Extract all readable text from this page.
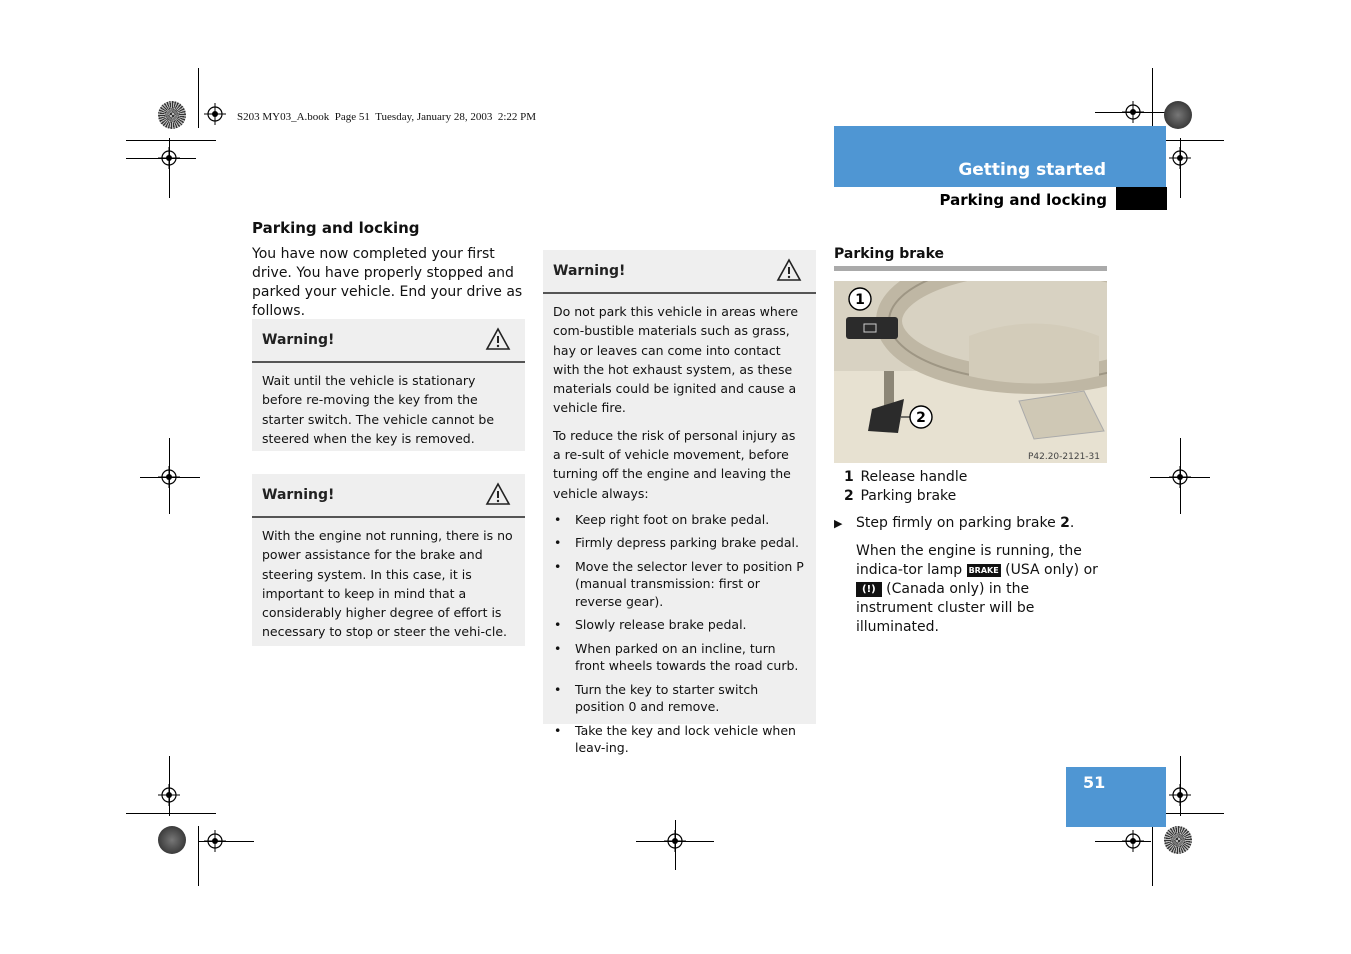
S203 MY03_A.book  Page 51  Tuesday, January 28, 2003  2:22 PM
Getting started
Parking and locking
Parking and locking
You have now completed your first drive. You have properly stopped and parked your vehicle. End your drive as follows.
Warning!
Wait until the vehicle is stationary before re-moving the key from the starter switch. The vehicle cannot be steered when the key is removed.
Warning!
With the engine not running, there is no power assistance for the brake and steering system. In this case, it is important to keep in mind that a considerably higher degree of effort is necessary to stop or steer the vehi-cle.
Warning!

Do not park this vehicle in areas where com-bustible materials such as grass, hay or leaves can come into contact with the hot exhaust system, as these materials could be ignited and cause a vehicle fire.

To reduce the risk of personal injury as a re-sult of vehicle movement, before turning off the engine and leaving the vehicle always:

• Keep right foot on brake pedal.
• Firmly depress parking brake pedal.
• Move the selector lever to position P (manual transmission: first or reverse gear).
• Slowly release brake pedal.
• When parked on an incline, turn front wheels towards the road curb.
• Turn the key to starter switch position 0 and remove.
• Take the key and lock vehicle when leav-ing.
Parking brake
1
2
P42.20-2121-31
1 Release handle
2 Parking brake
▶ Step firmly on parking brake 2.
When the engine is running, the indica-tor lamp BRAKE (USA only) or (!) (Canada only) in the instrument cluster will be illuminated.
51
